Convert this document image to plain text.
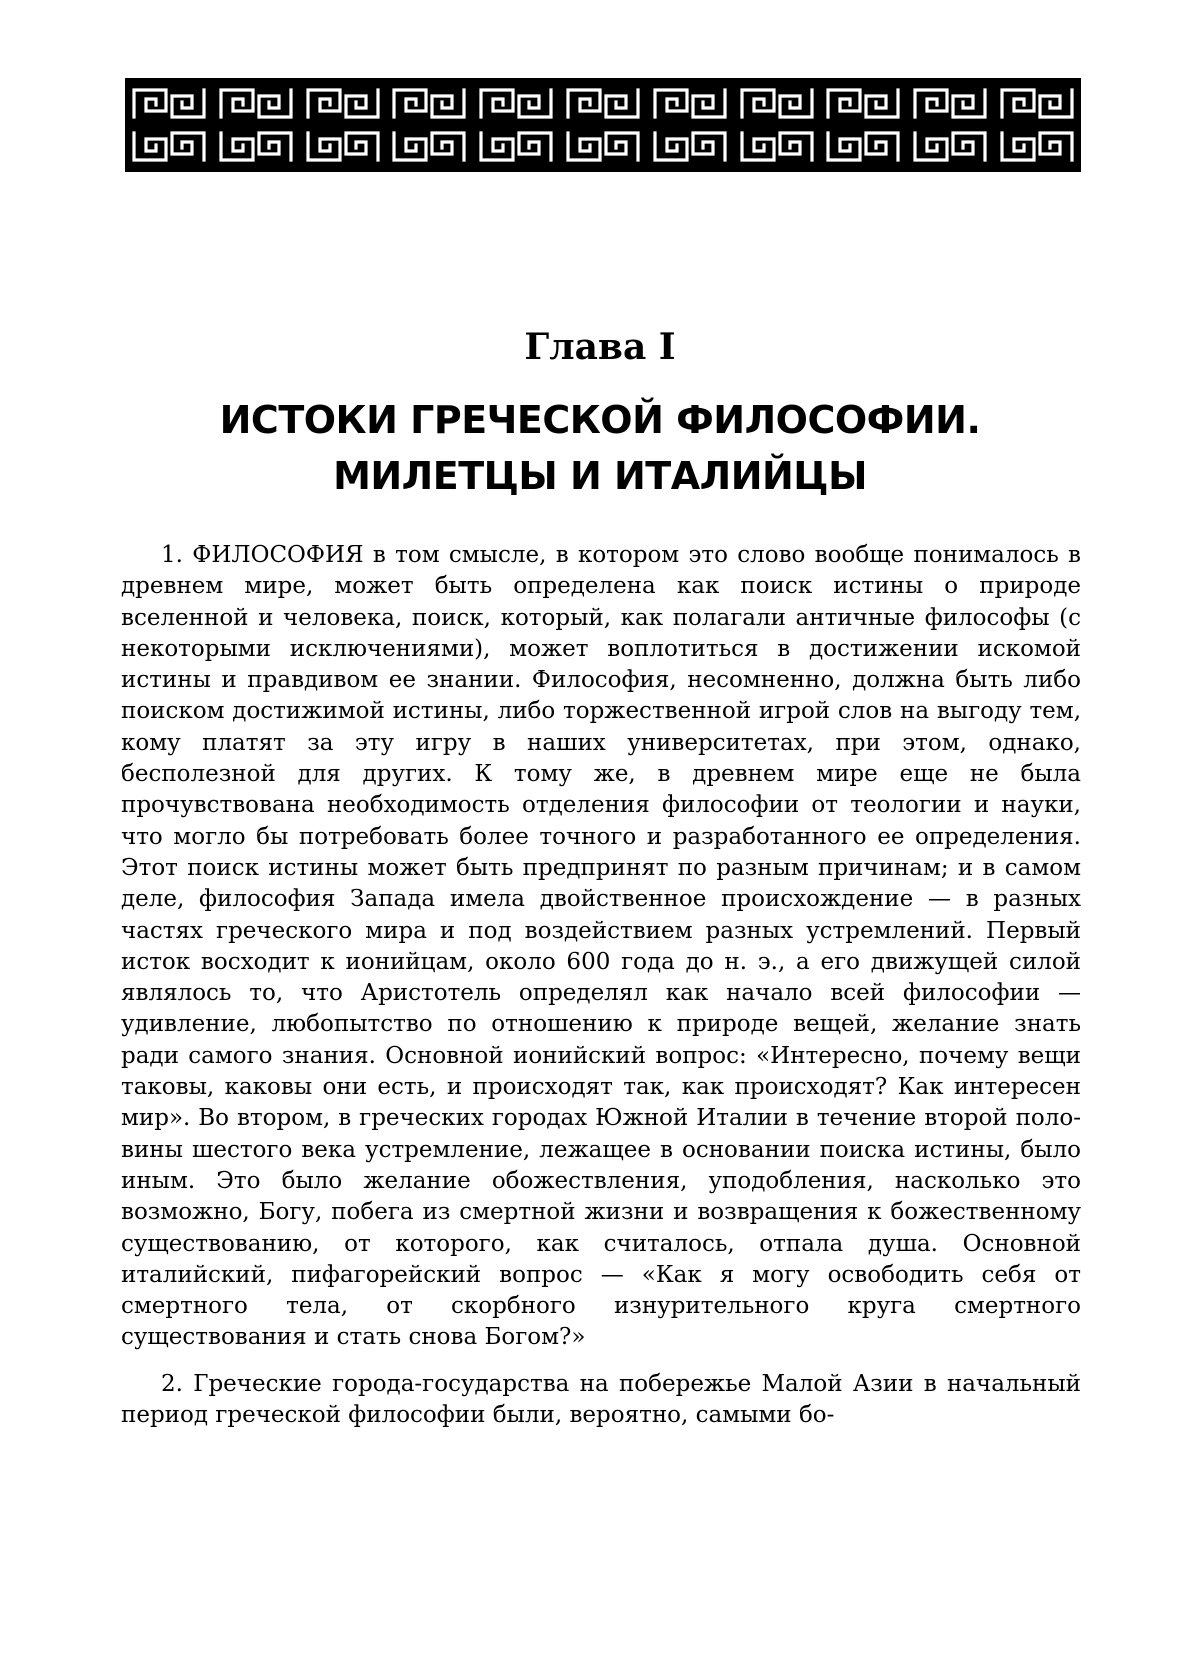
Глава I
ИСТОКИ ГРЕЧЕСКОЙ ФИЛОСОФИИ.
МИЛЕТЦЫ И ИТАЛИЙЦЫ

1. ФИЛОСОФИЯ в том смысле, в котором это слово вообще понималось в древнем мире, может быть определена как поиск истины о природе вселенной и человека, поиск, который, как полагали античные философы (с некоторыми исключениями), может воплотиться в достижении искомой истины и правдивом ее знании. Философия, несомненно, должна быть либо поиском достижимой истины, либо торжественной игрой слов на выгоду тем, кому платят за эту игру в наших университетах, при этом, однако, бесполезной для других. К тому же, в древнем мире еще не была прочувствована необходимость отделения философии от теологии и науки, что могло бы потребовать более точного и разработанного ее определения. Этот поиск истины может быть предпринят по разным причинам; и в самом деле, философия Запада имела двойственное происхождение — в разных частях греческого мира и под воздействием разных устремлений. Первый исток восходит к ионийцам, около 600 года до н. э., а его движущей силой являлось то, что Аристотель определял как начало всей философии — удивление, любопытство по отношению к природе вещей, желание знать ради самого знания. Основной ионийский вопрос: «Интересно, почему вещи таковы, каковы они есть, и происходят так, как происходят? Как интересен мир». Во втором, в греческих городах Южной Италии в течение второй половины шестого века устремление, лежащее в основании поиска истины, было иным. Это было желание обожествления, уподобления, насколько это возможно, Богу, побега из смертной жизни и возвращения к божественному существованию, от которого, как считалось, отпала душа. Основной италийский, пифагорейский вопрос — «Как я могу освободить себя от смертного тела, от скорбного изнурительного круга смертного существования и стать снова Богом?»

2. Греческие города-государства на побережье Малой Азии в начальный период греческой философии были, вероятно, самыми бо-
